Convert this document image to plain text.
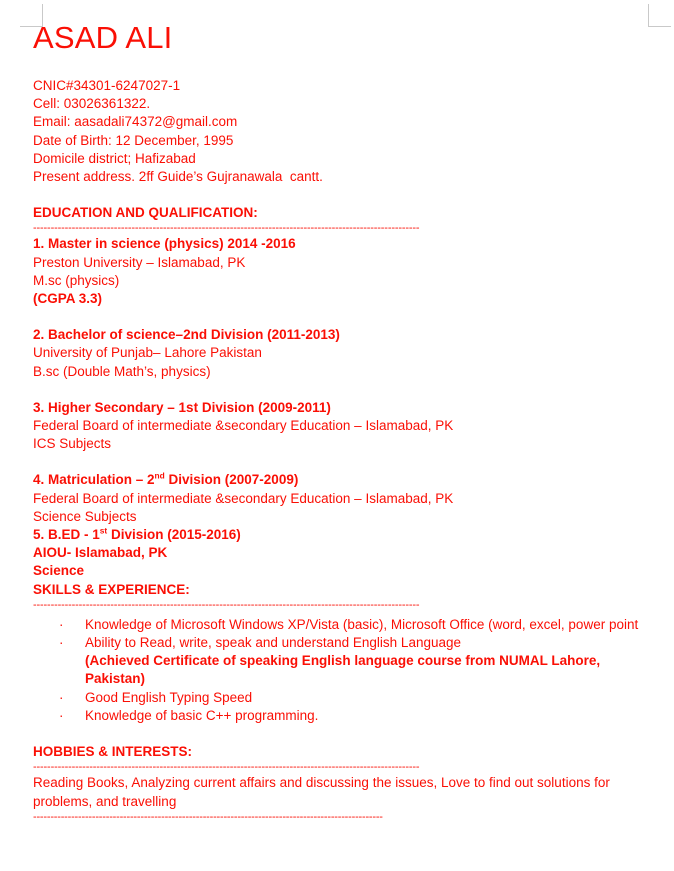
ASAD ALI
CNIC#34301-6247027-1
Cell: 03026361322.
Email: aasadali74372@gmail.com
Date of Birth: 12 December, 1995
Domicile district; Hafizabad
Present address. 2ff Guide’s Gujranawala  cantt.
EDUCATION AND QUALIFICATION:
--------------------------------------------------------------------------------------------------------------
1. Master in science (physics) 2014 -2016
Preston University – Islamabad, PK
M.sc (physics)
(CGPA 3.3)
2. Bachelor of science–2nd Division (2011-2013)
University of Punjab– Lahore Pakistan
B.sc (Double Math’s, physics)
3. Higher Secondary – 1st Division (2009-2011)
Federal Board of intermediate &secondary Education – Islamabad, PK
ICS Subjects
4. Matriculation – 2nd Division (2007-2009)
Federal Board of intermediate &secondary Education – Islamabad, PK
Science Subjects
5. B.ED - 1st Division (2015-2016)
AIOU- Islamabad, PK
Science
SKILLS & EXPERIENCE:
--------------------------------------------------------------------------------------------------------------
· Knowledge of Microsoft Windows XP/Vista (basic), Microsoft Office (word, excel, power point
· Ability to Read, write, speak and understand English Language
(Achieved Certificate of speaking English language course from NUMAL Lahore, Pakistan)
· Good English Typing Speed
· Knowledge of basic C++ programming.
HOBBIES & INTERESTS:
--------------------------------------------------------------------------------------------------------------
Reading Books, Analyzing current affairs and discussing the issues, Love to find out solutions for problems, and travelling
-----------------------------------------------------------------------------------------------------
